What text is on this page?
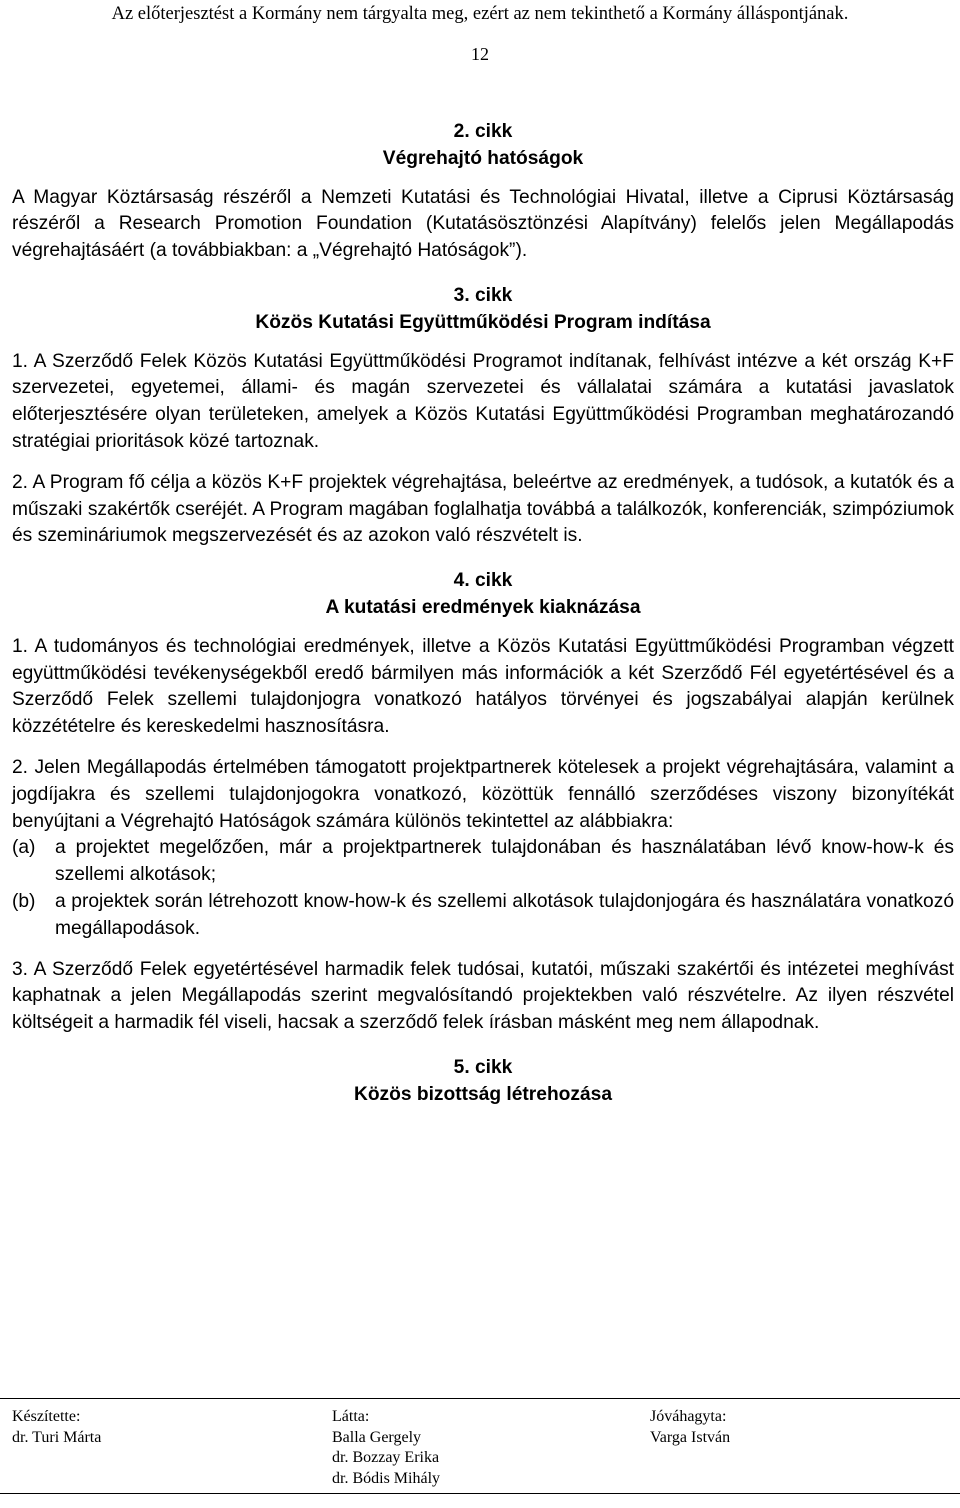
Az előterjesztést a Kormány nem tárgyalta meg, ezért az nem tekinthető a Kormány álláspontjának.
12
2. cikk
Végrehajtó hatóságok

A Magyar Köztársaság részéről a Nemzeti Kutatási és Technológiai Hivatal, illetve a Ciprusi Köztársaság részéről a Research Promotion Foundation (Kutatásösztönzési Alapítvány) felelős jelen Megállapodás végrehajtásáért (a továbbiakban: a „Végrehajtó Hatóságok”).

3. cikk
Közös Kutatási Együttműködési Program indítása

1. A Szerződő Felek Közös Kutatási Együttműködési Programot indítanak, felhívást intézve a két ország K+F szervezetei, egyetemei, állami- és magán szervezetei és vállalatai számára a kutatási javaslatok előterjesztésére olyan területeken, amelyek a Közös Kutatási Együttműködési Programban meghatározandó stratégiai prioritások közé tartoznak.

2. A Program fő célja a közös K+F projektek végrehajtása, beleértve az eredmények, a tudósok, a kutatók és a műszaki szakértők cseréjét. A Program magában foglalhatja továbbá a találkozók, konferenciák, szimpóziumok és szemináriumok megszervezését és az azokon való részvételt is.

4. cikk
A kutatási eredmények kiaknázása

1. A tudományos és technológiai eredmények, illetve a Közös Kutatási Együttműködési Programban végzett együttműködési tevékenységekből eredő bármilyen más információk a két Szerződő Fél egyetértésével és a Szerződő Felek szellemi tulajdonjogra vonatkozó hatályos törvényei és jogszabályai alapján kerülnek közzétételre és kereskedelmi hasznosításra.

2. Jelen Megállapodás értelmében támogatott projektpartnerek kötelesek a projekt végrehajtására, valamint a jogdíjakra és szellemi tulajdonjogokra vonatkozó, közöttük fennálló szerződéses viszony bizonyítékát benyújtani a Végrehajtó Hatóságok számára különös tekintettel az alábbiakra:

(a)	a projektet megelőzően, már a projektpartnerek tulajdonában és használatában lévő know-how-k és szellemi alkotások;
(b)	a projektek során létrehozott know-how-k és szellemi alkotások tulajdonjogára és használatára vonatkozó megállapodások.

3. A Szerződő Felek egyetértésével harmadik felek tudósai, kutatói, műszaki szakértői és intézetei meghívást kaphatnak a jelen Megállapodás szerint megvalósítandó projektekben való részvételre. Az ilyen részvétel költségeit a harmadik fél viseli, hacsak a szerződő felek írásban másként meg nem állapodnak.

5. cikk
Közös bizottság létrehozása
Készítette:
dr. Turi Márta
Látta:
Balla Gergely
dr. Bozzay Erika
dr. Bódis Mihály
Jóváhagyta:
Varga István
